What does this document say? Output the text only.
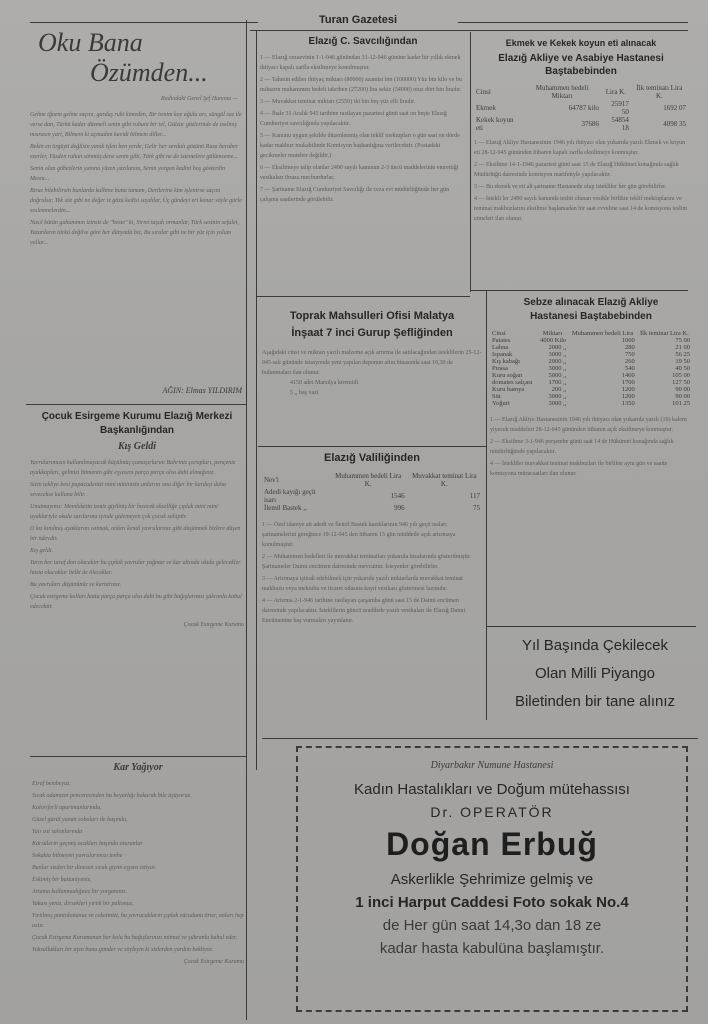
Turan Gazetesi
Oku Bana
Özümden...
Radiodaki Genel Şef Hanıma —

Gelme iğnem gelme saçını, gardaş ruhi kimeden, Bir ismim koy ağulu arı, süngül saz ile verse dan, Türkü kadar düzmeli senin gibi ruhuni bir tel, Gülzar gözlerinde de asılmış mısrasın yari, Bilmem ki uçmadım kavidi bilmem diller...

Bekin en örgüyü değilsin yanık işlen ben yerde, Gelir her sevdalı gözünü Ruza beraber ezerler, Yüzden ruhun sönmüş dene senin gibi, Türk gibi ne de istemelere gülümseme...

Senin olan göbezlerin yanına yüzen yazılanım, Senin yorgun kadini hoş gösterdin Mesnı...

Biraz bilebilirsin bunlarda kalbine buna tamam, Derilerine kim işlenirse saçını doğrulsa; Tek söz gibi ne değer iz gözü kedisi saydılar, Üç gündeyi eri konar söyle gürle seslenmelerdin...

Nasıl bütün gahanımın izinsiz de "beste" ki, Sirmi taşıdı ormanlar, Türk sesinin sefalet, Yazanların türkü değilse göre her dünyada biz, Bu sıralar gibi ne bir yüz için yolum yollar...

AĞIN: Elmas YILDIRIM
Çocuk Esirgeme Kurumu Elazığ Merkezi Başkanlığından
Kış Geldi

Yavrularımızın kullanılmayacak küçülmüş çamaşırlarını Bahriniz çorapları, pençeniz ayakkapları, gelinizi bitmenin gibi eşyasını parça parça olsa dahi almağınız.

Sizin tekliye besi papacadenizi mini mininizin anlarını onu diğer bir kardeşi daha sevecekse kullana bilir.

Unutmayınız: Memleketin temiz giyilmiş bir încecek ekselliğe çıplak mini mini ayaklariyle okula sarılarına içinde gidemeyen çok çocuk sahiptir.

O kız kınılmış ayaklarını ısıtmak, onları kendi yavrularınız gibi düşünmek bizlere düşen bir ödevdir.

Kış geldi.

Yarın her taraf don olacaktır bu çıplak yavrular yağmur ve kar altında okula gelecekler hasta olacaklar belki de ölecekler.

Bu yavruları düşününüz ve kurtarınız.

Çocuk esirgeme kolları hatta parça parça olsa dahi bu gibi bağışlarınızı şükranla kabul edecektir.

Çocuk Esirgeme Kurumu
Kar Yağıyor

Etraf bembeyaz.

Sıcak odamızın penceresinden bu beyazlığı bakarak bile üşüyoruz.

Kaloriferli apartmanlarında,

Güzel gürül yanan sobaları ile başında,

Yatı ısıt salonlarında

Kürsülerin geçmiş ocakları başında oturanlar

Sokakta bilmeyen yavrularımızı tenhe

Bunlar sizden bir dinesen sıcak giyim eşyası istiyor.

Eskimiş bir battaniyeniz,

Artama kullanmadığınız bir yorganınız.

Yakası yeniz, dirsekleri yırtık bir paltonuz,

Yırtılmış pantolonunuz ve ceketinizi, bu yavrucakların çıplak vücudunu örter, onları hep ısıtır.

Çocuk Esirgeme Kurumunun her kolu bu bağışlarınızı minnet ve şükranla kabul eder.

Yoksullukları bir ayın bunu gönder ve söyleyin ki sizlerden yardım bekliyor.

Çocuk Esirgeme Kurumu
Elazığ C. Savcılığından

1 — Elazığ cezaevinin 1-1-946 günündan 31-12-946 gününe kadar bir yıllık ekmek ihtiyacı kapalı zarfla eksiltmeye konulmuştur.

2 — Tahmin edilen ihtiyaç miktarı (80000) azamisi bin (100000) Yüz bin kilo ve bu miktarın muhammen bedeli takriben (27200) lira sekiz (34000) otuz dört bin liradır.

3 — Muvakkat teminat miktarı (2550) iki bin beş yüz elli liradır.

4 — İhale 31 Aralık 945 tarihine rastlayan pazartesi günü saat on beşte Elazığ Cumhuriyet savcılığında yapılacaktır.

5 — Kanunu uygun şekilde düzenlenmiş olan teklif mektupları o gün saat on dörde kadar makbuz mukabilinde Komisyon başkanlığına verilecektir. (Postadaki gecikmeler muteber değildir.)

6 — Eksiltmeye talip olanlar 2490 sayılı kanunun 2-3 üncü maddelerinin emrettiği vesikaları ibraza mecburdurlar.

7 — Şartname Elazığ Cumhuriyet Savcılığı ile ceza evi müdürlüğünde her gün çalışma saatlerinde görülebilir.

Ekmek ve Kekek koyun eti alınacak
Elazığ Akliye ve Asabiye Hastanesi Baştabebinden
Cinsi	Muhammen bedeli Miktarı	Lira K.	İlk teminatı Lira K.
Ekmek	64787 kilo	25917 50	1692 07
Kekek koyun eti	37686	54854 18	4098 35

1 — Elazığ Akliye Hastanesinin 1946 yılı ihtiyacı olan yukarıda yazılı Ekmek ve koyun eti 28-12-945 gününden itibaren kapalı zarfla eksiltmeye konmuştur.

2 — Eksiltme 14-1-1946 pazartesi günü saat 15 de Elazığ Hükümet konağında sağlık Müdürlüğü dairesinde komisyon marifetiyle yapılacaktır.

3 — Bu ekmek ve eti alt şartname Hastanede olup istekliler her gün görebilirler.

4 — İstekli ler 2490 sayılı kanunda tesbit olunan vesikle birlikte teklif mektuplarını ve teminat makbuzlarını eksiltme başlamadan bir saat evveline saat 14 de komisyona teslim etmeleri ilan olunur.

Toprak Mahsulleri Ofisi Malatya İnşaat 7 inci Gurup Şefliğinden
Aşağıdaki cinsi ve miktarı yazılı malzeme açık artırma ile satılacağından isteklilerin 25-12-945 salı gününde istasyonda yeni yapılan deponun altın binasında saat 10,30 da bulunmaları ilan olunur.
4150 adet Marsilya kiremidi
5 ,, baş vazi
Elazığ Valiliğinden
Nev'i	Muhammen bedeli Lira K.	Muvakkat teminat Lira K.
Adedi kayığı geçit isarı	1546	117
İlemil Bastek ,,	996	75

1 — Özel idareye ait adedi ve İlemil Bastek kazıklarının 946 yılı geçit isaları şartnamelerini gereğince 19-12-945 den itibaren 15 gün müddetle açık artırmaya konulmuştur.

2 — Muhammen bedelleri ile muvakkat teminatları yukarıda hizalarında gösterilmiştir. Şartnameler Daimi encümen dairesinde mevcuttur. İsteyenler görebilirler.

3 — Artırmaya iştirak edebilmek için yukarıda yazılı miktarlarda muvakkat teminat makbuzu veya mektubu ve ticaret odasına kayıt vesikası göstermesi lazımdır.

4 — Artırma 2-1-946 tarihine rastlayan çarşamba günü saat 15 de Daimi encümen dairesinde yapılacaktır. İsteklilerin güncü muddede yazılı vesikaları ile Elazığ Daimi Encümenine baş vurmaları yayınlanır.

Sebze alınacak Elazığ Akliye Hastanesi Baştabebinden
Cinsi	Miktarı	Muhammen bedeli Lira	İlk teminat Lira K.
Patates	4000 Kilo	1000	75 00
Lahna	2000 ,,	280	21 00
Ispanak	3000 ,,	750	56 25
Kış kabağı	2000 ,,	260	19 50
Pırasa	3000 ,,	540	40 50
Kuru soğan	5000 ,,	1400	105 00
domates salçası	1700 ,,	1700	127 50
Kuru bamya	200 ,,	1200	90 00
Süt	3000 ,,	1200	90 00
Yoğurt	3000 ,,	1350	101 25

1 — Elazığ Akliye Hastanesinin 1946 yılı ihtiyacı olan yukarıda yazılı (10) kalem yiyecek maddeleri 28-12-945 gününden itibaren açık eksiltmeye konmuştur.

2 — Eksiltme 3-1-946 perşembe günü saat 14 de Hükümet konağında sağlık müdürlüğünde yapılacaktır.

4 — İstekliler muvakkat teminat makbuzları ile birlikte aynı gün ve saatte komisyona müracaatları ilan olunur.

Yıl Başında Çekilecek
Olan Milli Piyango
Biletinden bir tane alınız
Diyarbakır Numune Hastanesi
Kadın Hastalıkları ve Doğum mütehassısı
Dr. OPERATÖR
Doğan Erbuğ
Askerlikle Şehrimize gelmiş ve
1 inci Harput Caddesi Foto sokak No.4
de Her gün saat 14,3o dan 18 ze
kadar hasta kabulüna başlamıştır.
